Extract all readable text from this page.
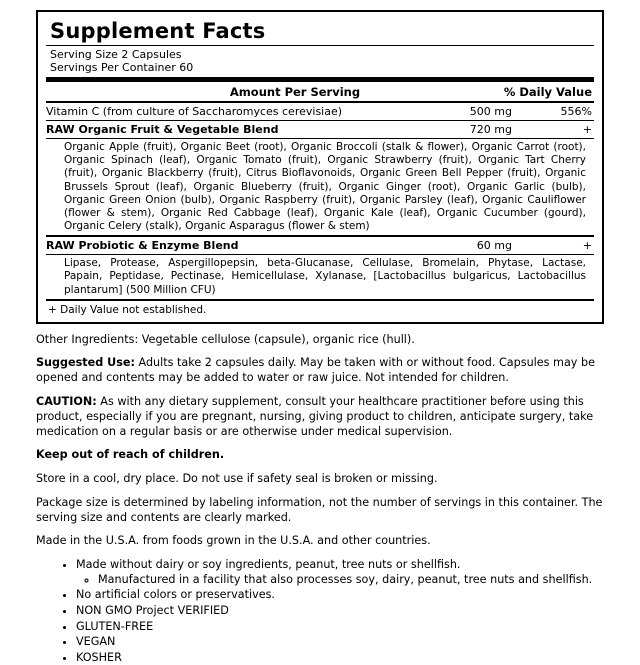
Supplement Facts
Serving Size 2 Capsules
Servings Per Container 60
Amount Per Serving	% Daily Value
Vitamin C (from culture of Saccharomyces cerevisiae)	500 mg	556%
RAW Organic Fruit & Vegetable Blend	720 mg	+
Organic Apple (fruit), Organic Beet (root), Organic Broccoli (stalk & flower), Organic Carrot (root), Organic Spinach (leaf), Organic Tomato (fruit), Organic Strawberry (fruit), Organic Tart Cherry (fruit), Organic Blackberry (fruit), Citrus Bioflavonoids, Organic Green Bell Pepper (fruit), Organic Brussels Sprout (leaf), Organic Blueberry (fruit), Organic Ginger (root), Organic Garlic (bulb), Organic Green Onion (bulb), Organic Raspberry (fruit), Organic Parsley (leaf), Organic Cauliflower (flower & stem), Organic Red Cabbage (leaf), Organic Kale (leaf), Organic Cucumber (gourd), Organic Celery (stalk), Organic Asparagus (flower & stem)
RAW Probiotic & Enzyme Blend	60 mg	+
Lipase, Protease, Aspergillopepsin, beta-Glucanase, Cellulase, Bromelain, Phytase, Lactase, Papain, Peptidase, Pectinase, Hemicellulase, Xylanase, [Lactobacillus bulgaricus, Lactobacillus plantarum] (500 Million CFU)
+ Daily Value not established.

Other Ingredients: Vegetable cellulose (capsule), organic rice (hull).

Suggested Use: Adults take 2 capsules daily. May be taken with or without food. Capsules may be opened and contents may be added to water or raw juice. Not intended for children.

CAUTION: As with any dietary supplement, consult your healthcare practitioner before using this product, especially if you are pregnant, nursing, giving product to children, anticipate surgery, take medication on a regular basis or are otherwise under medical supervision.

Keep out of reach of children.

Store in a cool, dry place. Do not use if safety seal is broken or missing.

Package size is determined by labeling information, not the number of servings in this container. The serving size and contents are clearly marked.

Made in the U.S.A. from foods grown in the U.S.A. and other countries.

• Made without dairy or soy ingredients, peanut, tree nuts or shellfish.
◦ Manufactured in a facility that also processes soy, dairy, peanut, tree nuts and shellfish.
• No artificial colors or preservatives.
• NON GMO Project VERIFIED
• GLUTEN-FREE
• VEGAN
• KOSHER
